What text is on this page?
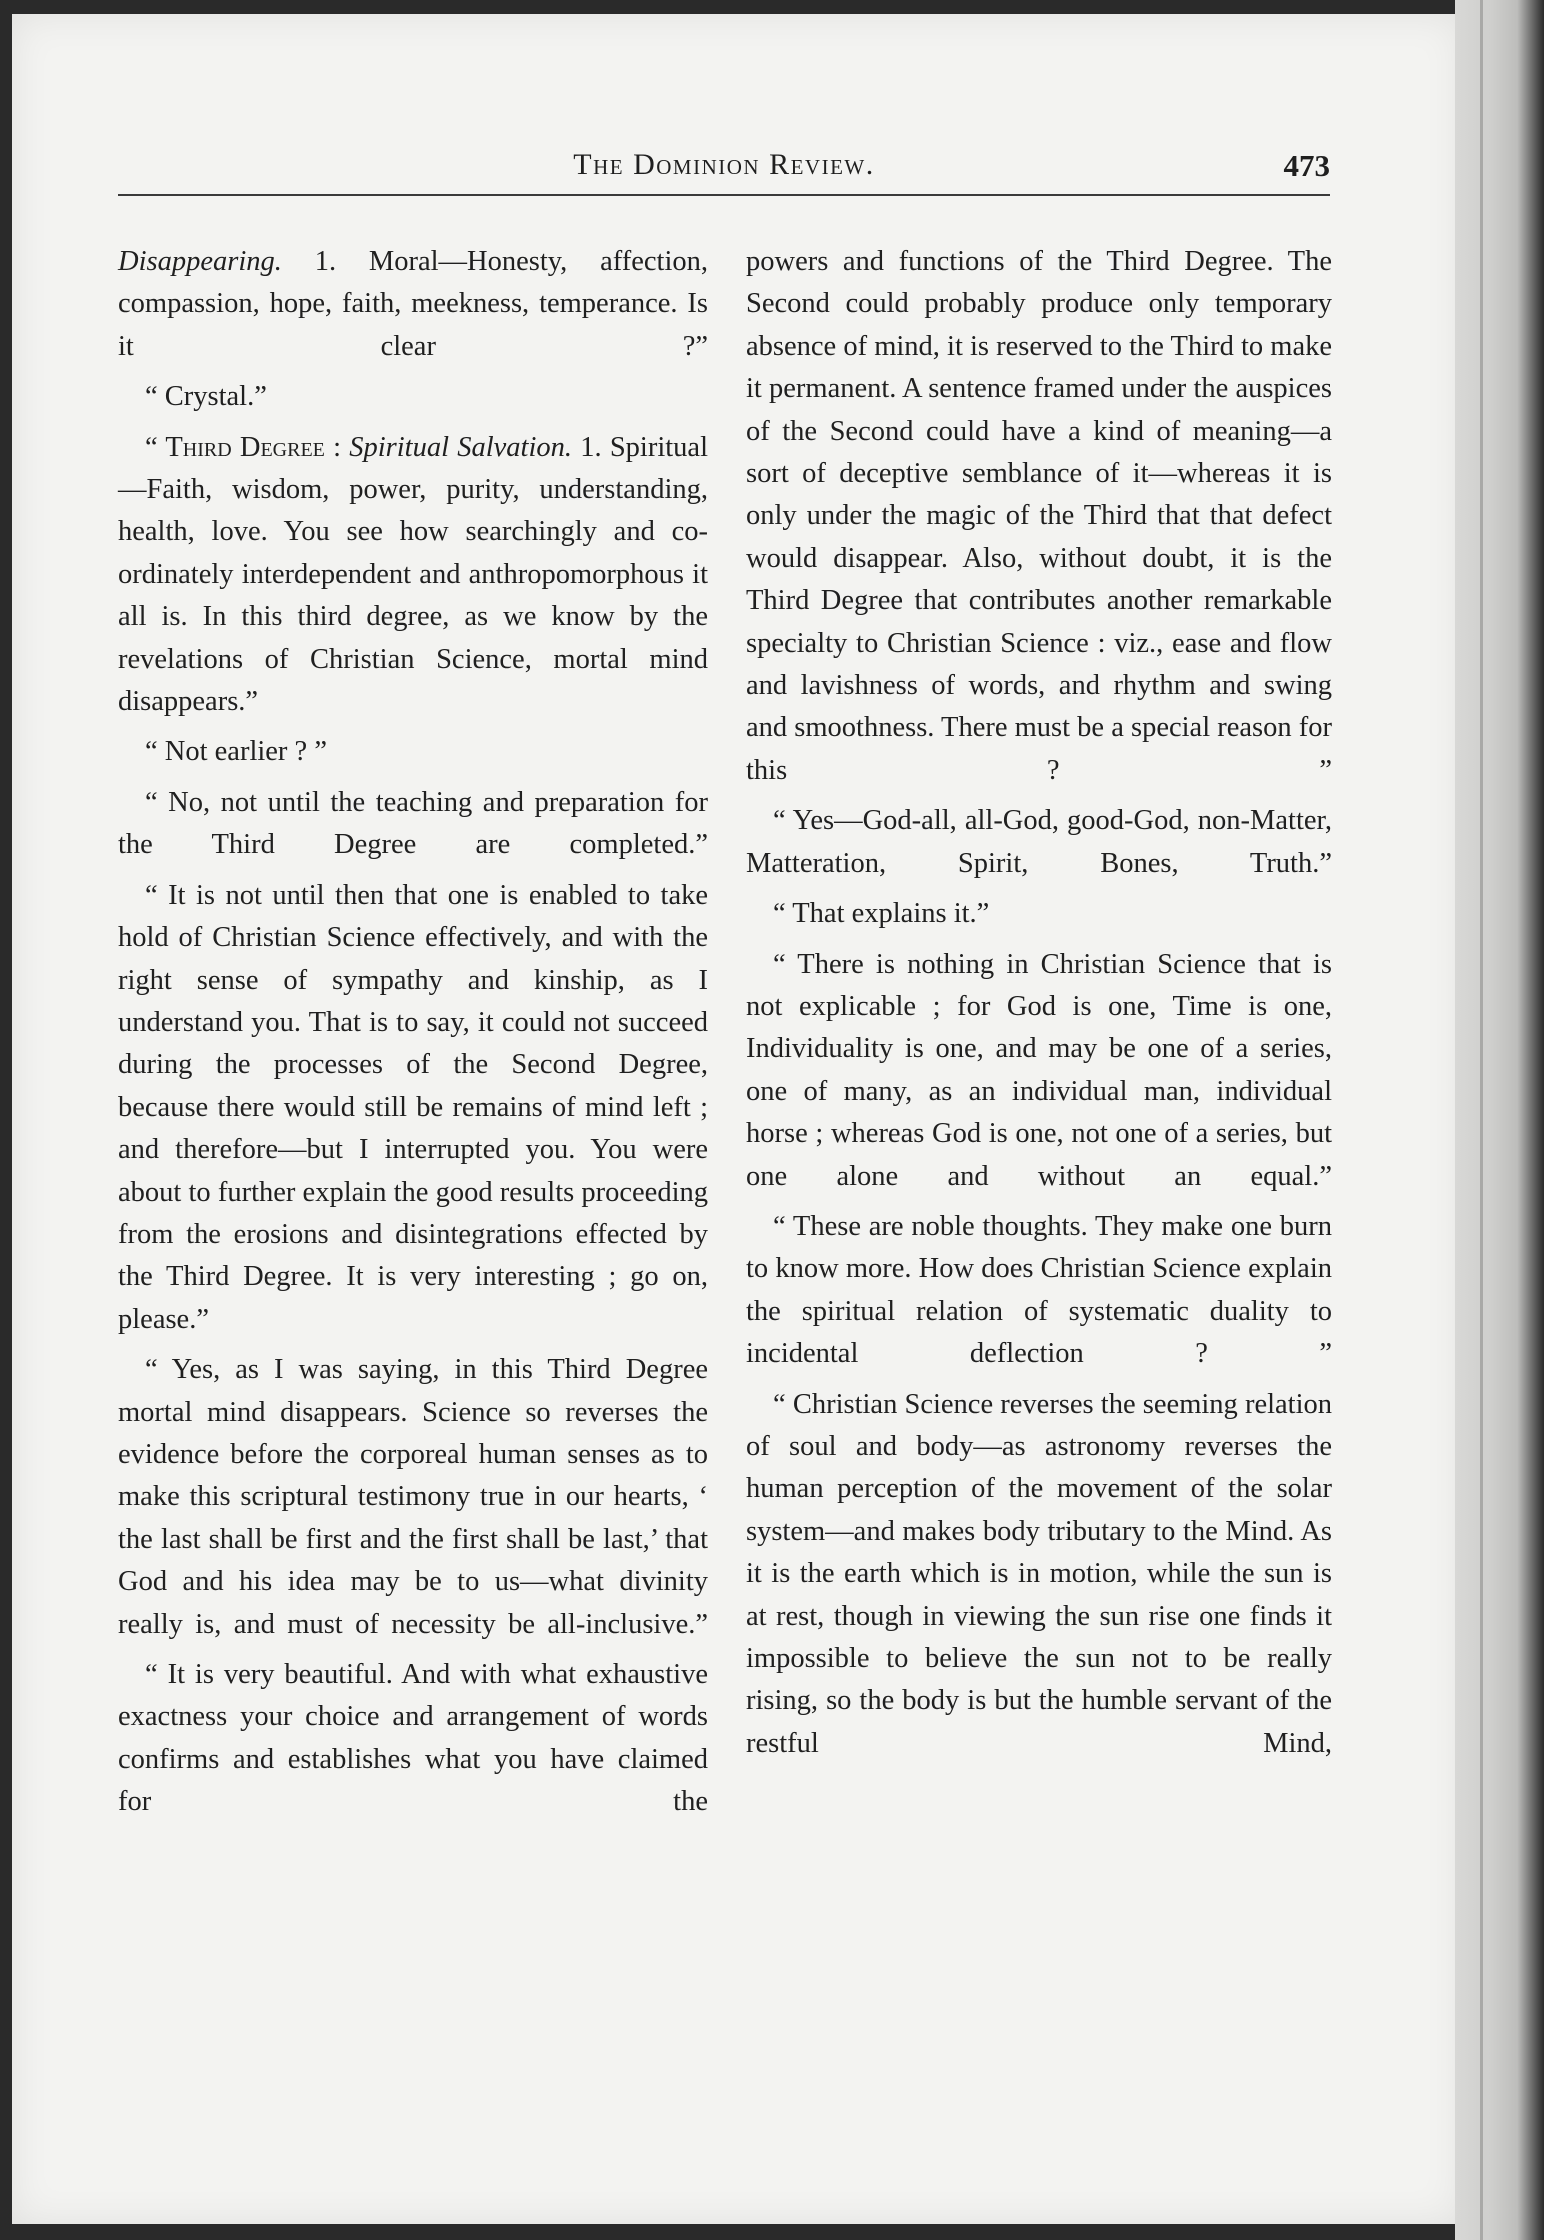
The Dominion Review.	473

Disappearing. 1. Moral—Honesty, affection, compassion, hope, faith, meekness, temperance. Is it clear ?”

“ Crystal.”

“ Third Degree : Spiritual Salvation. 1. Spiritual—Faith, wisdom, power, purity, understanding, health, love. You see how searchingly and co-ordinately interdependent and anthropomorphous it all is. In this third degree, as we know by the revelations of Christian Science, mortal mind disappears.”

“ Not earlier ? ”

“ No, not until the teaching and preparation for the Third Degree are completed.”

“ It is not until then that one is enabled to take hold of Christian Science effectively, and with the right sense of sympathy and kinship, as I understand you. That is to say, it could not succeed during the processes of the Second Degree, because there would still be remains of mind left ; and therefore—but I interrupted you. You were about to further explain the good results proceeding from the erosions and disintegrations effected by the Third Degree. It is very interesting ; go on, please.”

“ Yes, as I was saying, in this Third Degree mortal mind disappears. Science so reverses the evidence before the corporeal human senses as to make this scriptural testimony true in our hearts, ‘ the last shall be first and the first shall be last,’ that God and his idea may be to us—what divinity really is, and must of necessity be all-inclusive.”

“ It is very beautiful. And with what exhaustive exactness your choice and arrangement of words confirms and establishes what you have claimed for the

powers and functions of the Third Degree. The Second could probably produce only temporary absence of mind, it is reserved to the Third to make it permanent. A sentence framed under the auspices of the Second could have a kind of meaning—a sort of deceptive semblance of it—whereas it is only under the magic of the Third that that defect would disappear. Also, without doubt, it is the Third Degree that contributes another remarkable specialty to Christian Science : viz., ease and flow and lavishness of words, and rhythm and swing and smoothness. There must be a special reason for this ? ”

“ Yes—God-all, all-God, good-God, non-Matter, Matteration, Spirit, Bones, Truth.”

“ That explains it.”

“ There is nothing in Christian Science that is not explicable ; for God is one, Time is one, Individuality is one, and may be one of a series, one of many, as an individual man, individual horse ; whereas God is one, not one of a series, but one alone and without an equal.”

“ These are noble thoughts. They make one burn to know more. How does Christian Science explain the spiritual relation of systematic duality to incidental deflection ? ”

“ Christian Science reverses the seeming relation of soul and body—as astronomy reverses the human perception of the movement of the solar system—and makes body tributary to the Mind. As it is the earth which is in motion, while the sun is at rest, though in viewing the sun rise one finds it impossible to believe the sun not to be really rising, so the body is but the humble servant of the restful Mind,
